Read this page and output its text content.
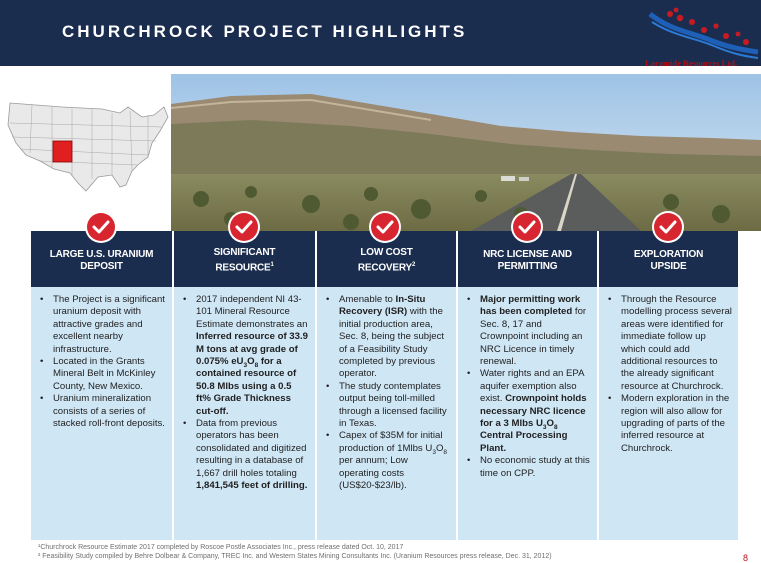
CHURCHROCK PROJECT HIGHLIGHTS
Laramide Resources Ltd.
LARGE U.S. URANIUM
DEPOSIT
• The Project is a significant uranium deposit with attractive grades and excellent nearby infrastructure.
• Located in the Grants Mineral Belt in McKinley County, New Mexico.
• Uranium mineralization consists of a series of stacked roll-front deposits.
SIGNIFICANT
RESOURCE$^1$
• 2017 independent NI 43-101 Mineral Resource Estimate demonstrates an Inferred resource of 33.9 M tons at avg grade of 0.075% $eU_3O_8$ for a contained resource of 50.8 Mlbs using a 0.5 ft% Grade Thickness cut-off.
• Data from previous operators has been consolidated and digitized resulting in a database of 1,667 drill holes totaling 1,841,545 feet of drilling.
LOW COST
RECOVERY$^2$
• Amenable to In-Situ Recovery (ISR) with the initial production area, Sec. 8, being the subject of a Feasibility Study completed by previous operator.
• The study contemplates output being toll-milled through a licensed facility in Texas.
• Capex of $35M for initial production of 1Mlbs $U_3O_8$ per annum; Low operating costs (US$20-$23/lb).
NRC LICENSE AND
PERMITTING
• Major permitting work has been completed for Sec. 8, 17 and Crownpoint including an NRC Licence in timely renewal.
• Water rights and an EPA aquifer exemption also exist. Crownpoint holds necessary NRC licence for a 3 Mlbs $U_3O_8$ Central Processing Plant.
• No economic study at this time on CPP.
EXPLORATION
UPSIDE
• Through the Resource modelling process several areas were identified for immediate follow up which could add additional resources to the already significant resource at Churchrock.
• Modern exploration in the region will also allow for upgrading of parts of the inferred resource at Churchrock.
¹Churchrock Resource Estimate 2017 completed by Roscoe Postle Associates Inc., press release dated Oct. 10, 2017
² Feasibility Study compiled by Behre Dolbear & Company, TREC Inc. and Western States Mining Consultants Inc. (Uranium Resources press release, Dec. 31, 2012)	8
